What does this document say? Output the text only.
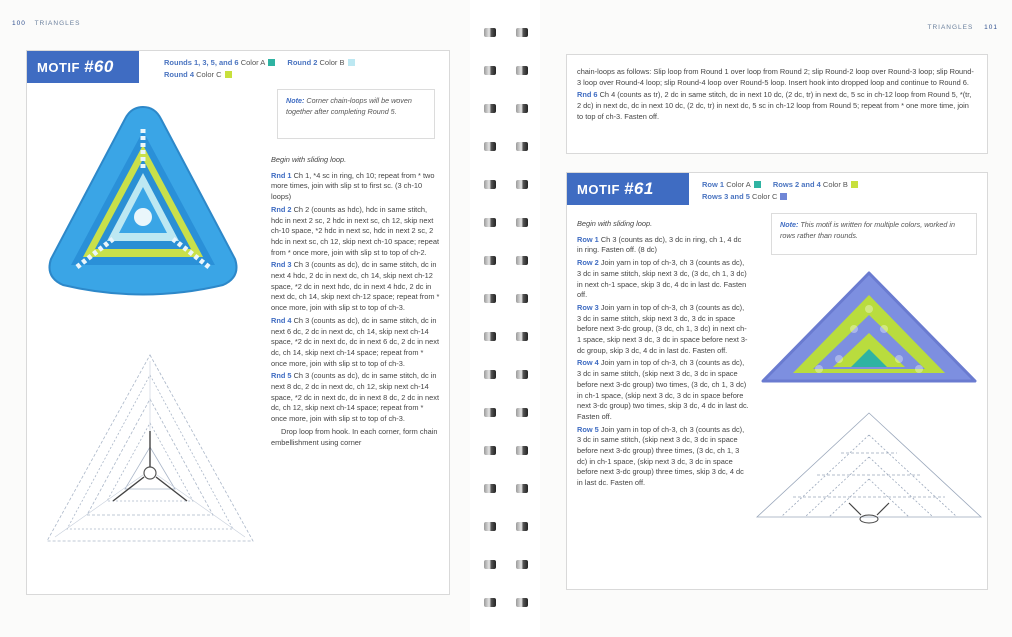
100 TRIANGLES
MOTIF #60	Rounds 1, 3, 5, and 6 Color A	Round 2 Color B
Round 4 Color C
Note: Corner chain-loops will be woven together after completing Round 5.

Begin with sliding loop.

Rnd 1 Ch 1, *4 sc in ring, ch 10; repeat from * two more times, join with slip st to first sc. (3 ch-10 loops)

Rnd 2 Ch 2 (counts as hdc), hdc in same stitch, hdc in next 2 sc, 2 hdc in next sc, ch 12, skip next ch-10 space, *2 hdc in next sc, hdc in next 2 sc, 2 hdc in next sc, ch 12, skip next ch-10 space; repeat from * once more, join with slip st to top of ch-2.

Rnd 3 Ch 3 (counts as dc), dc in same stitch, dc in next 4 hdc, 2 dc in next dc, ch 14, skip next ch-12 space, *2 dc in next hdc, dc in next 4 hdc, 2 dc in next dc, ch 14, skip next ch-12 space; repeat from * once more, join with slip st to top of ch-3.

Rnd 4 Ch 3 (counts as dc), dc in same stitch, dc in next 6 dc, 2 dc in next dc, ch 14, skip next ch-14 space, *2 dc in next dc, dc in next 6 dc, 2 dc in next dc, ch 14, skip next ch-14 space; repeat from * once more, join with slip st to top of ch-3.

Rnd 5 Ch 3 (counts as dc), dc in same stitch, dc in next 8 dc, 2 dc in next dc, ch 12, skip next ch-14 space, *2 dc in next dc, dc in next 8 dc, 2 dc in next dc, ch 12, skip next ch-14 space; repeat from * once more, join with slip st to top of ch-3.

Drop loop from hook. In each corner, form chain embellishment using corner

TRIANGLES 101

chain-loops as follows: Slip loop from Round 1 over loop from Round 2; slip Round-2 loop over Round-3 loop; slip Round-3 loop over Round-4 loop; slip Round-4 loop over Round-5 loop. Insert hook into dropped loop and continue to Round 6.

Rnd 6 Ch 4 (counts as tr), 2 dc in same stitch, dc in next 10 dc, (2 dc, tr) in next dc, 5 sc in ch-12 loop from Round 5, *(tr, 2 dc) in next dc, dc in next 10 dc, (2 dc, tr) in next dc, 5 sc in ch-12 loop from Round 5; repeat from * one more time, join to top of ch-3. Fasten off.

MOTIF #61	Row 1 Color A	Rows 2 and 4 Color B
Rows 3 and 5 Color C

Begin with sliding loop.

Row 1 Ch 3 (counts as dc), 3 dc in ring, ch 1, 4 dc in ring. Fasten off. (8 dc)

Row 2 Join yarn in top of ch-3, ch 3 (counts as dc), 3 dc in same stitch, skip next 3 dc, (3 dc, ch 1, 3 dc) in next ch-1 space, skip 3 dc, 4 dc in last dc. Fasten off.

Row 3 Join yarn in top of ch-3, ch 3 (counts as dc), 3 dc in same stitch, skip next 3 dc, 3 dc in space before next 3-dc group, (3 dc, ch 1, 3 dc) in next ch-1 space, skip next 3 dc, 3 dc in space before next 3-dc group, skip 3 dc, 4 dc in last dc. Fasten off.

Row 4 Join yarn in top of ch-3, ch 3 (counts as dc), 3 dc in same stitch, (skip next 3 dc, 3 dc in space before next 3-dc group) two times, (3 dc, ch 1, 3 dc) in ch-1 space, (skip next 3 dc, 3 dc in space before next 3-dc group) two times, skip 3 dc, 4 dc in last dc. Fasten off.

Row 5 Join yarn in top of ch-3, ch 3 (counts as dc), 3 dc in same stitch, (skip next 3 dc, 3 dc in space before next 3-dc group) three times, (3 dc, ch 1, 3 dc) in ch-1 space, (skip next 3 dc, 3 dc in space before next 3-dc group) three times, skip 3 dc, 4 dc in last dc. Fasten off.

Note: This motif is written for multiple colors, worked in rows rather than rounds.
